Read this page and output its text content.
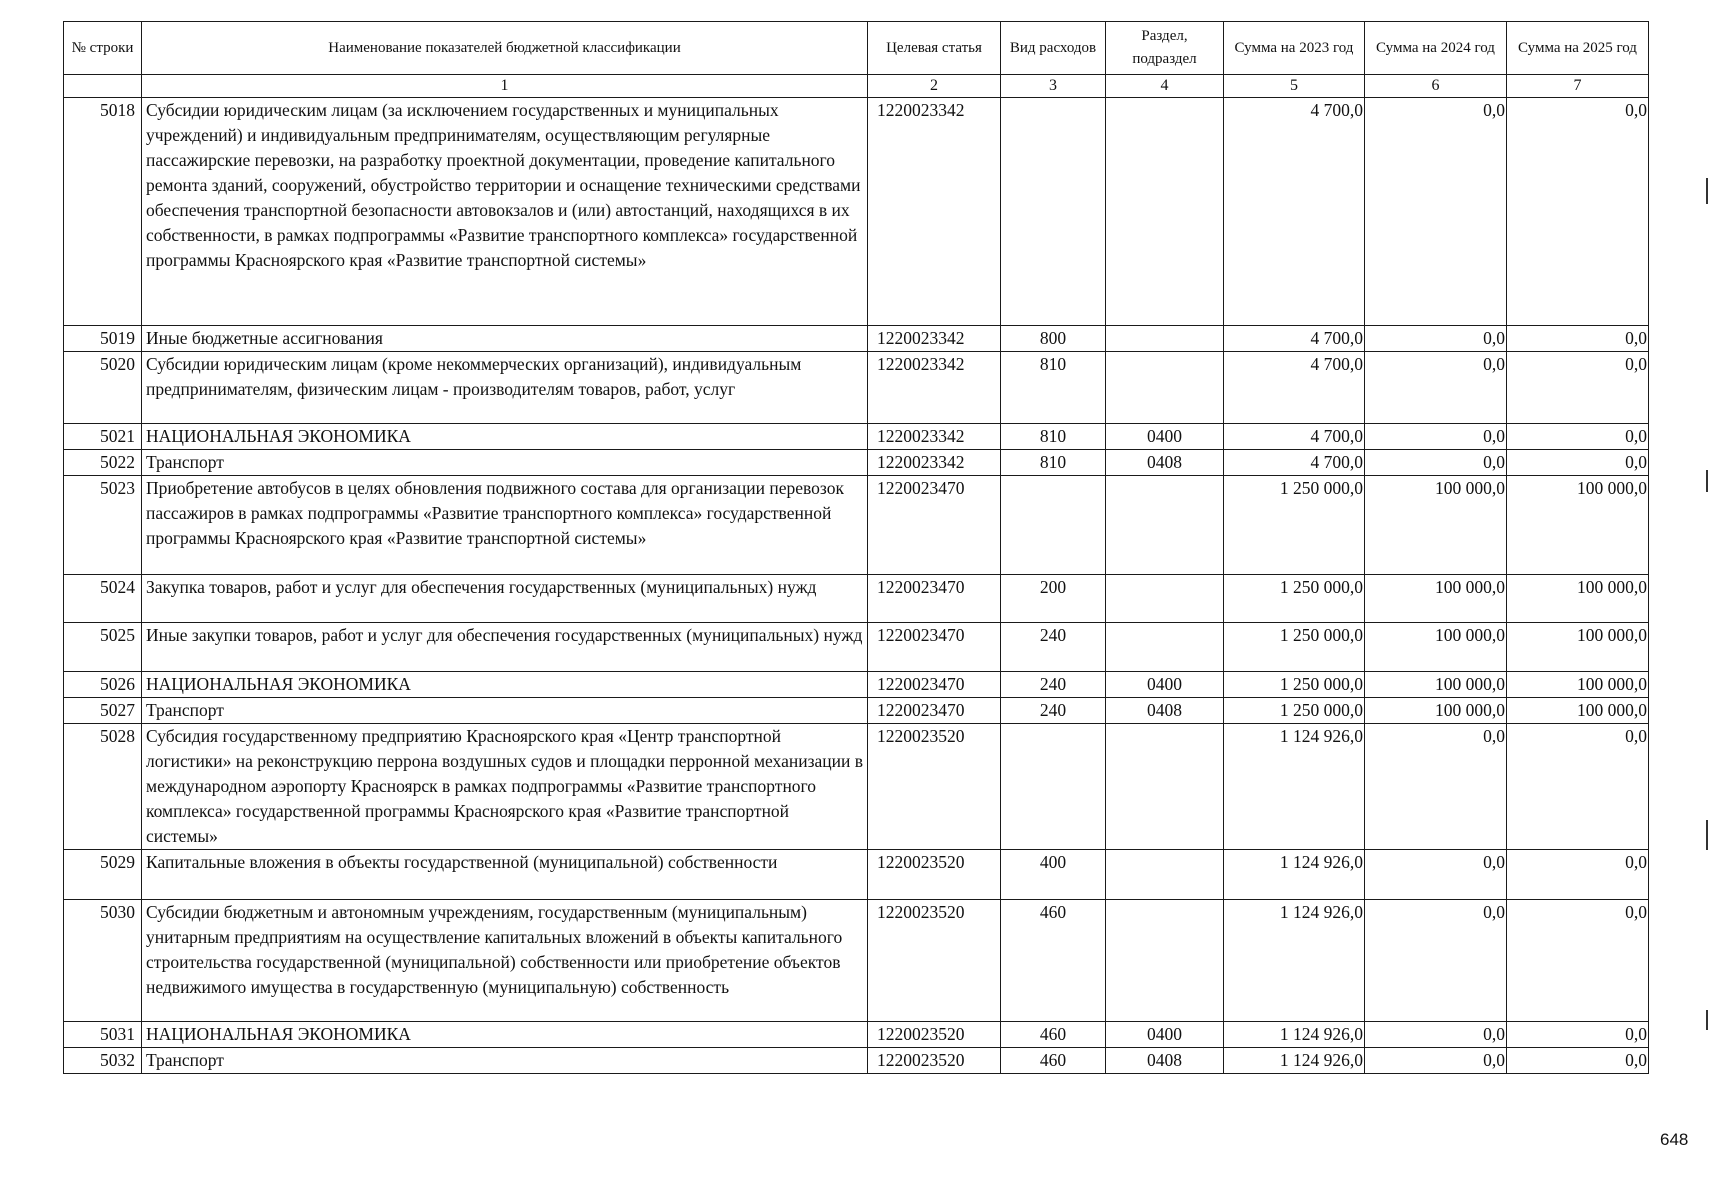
№ строки	Наименование показателей бюджетной классификации	Целевая статья	Вид расходов	Раздел, подраздел	Сумма на 2023 год	Сумма на 2024 год	Сумма на 2025 год
	1	2	3	4	5	6	7
5018	Субсидии юридическим лицам (за исключением государственных и муниципальных учреждений) и индивидуальным предпринимателям, осуществляющим регулярные пассажирские перевозки, на разработку проектной документации, проведение капитального ремонта зданий, сооружений, обустройство территории и оснащение техническими средствами обеспечения транспортной безопасности автовокзалов и (или) автостанций, находящихся в их собственности, в рамках подпрограммы «Развитие транспортного комплекса» государственной программы Красноярского края «Развитие транспортной системы»	1220023342			4 700,0	0,0	0,0
5019	Иные бюджетные ассигнования	1220023342	800		4 700,0	0,0	0,0
5020	Субсидии юридическим лицам (кроме некоммерческих организаций), индивидуальным предпринимателям, физическим лицам - производителям товаров, работ, услуг	1220023342	810		4 700,0	0,0	0,0
5021	НАЦИОНАЛЬНАЯ ЭКОНОМИКА	1220023342	810	0400	4 700,0	0,0	0,0
5022	Транспорт	1220023342	810	0408	4 700,0	0,0	0,0
5023	Приобретение автобусов в целях обновления подвижного состава для организации перевозок пассажиров в рамках подпрограммы «Развитие транспортного комплекса» государственной программы Красноярского края «Развитие транспортной системы»	1220023470			1 250 000,0	100 000,0	100 000,0
5024	Закупка товаров, работ и услуг для обеспечения государственных (муниципальных) нужд	1220023470	200		1 250 000,0	100 000,0	100 000,0
5025	Иные закупки товаров, работ и услуг для обеспечения государственных (муниципальных) нужд	1220023470	240		1 250 000,0	100 000,0	100 000,0
5026	НАЦИОНАЛЬНАЯ ЭКОНОМИКА	1220023470	240	0400	1 250 000,0	100 000,0	100 000,0
5027	Транспорт	1220023470	240	0408	1 250 000,0	100 000,0	100 000,0
5028	Субсидия государственному предприятию Красноярского края «Центр транспортной логистики» на реконструкцию перрона воздушных судов и площадки перронной механизации в международном аэропорту Красноярск в рамках подпрограммы «Развитие транспортного комплекса» государственной программы Красноярского края «Развитие транспортной системы»	1220023520			1 124 926,0	0,0	0,0
5029	Капитальные вложения в объекты государственной (муниципальной) собственности	1220023520	400		1 124 926,0	0,0	0,0
5030	Субсидии бюджетным и автономным учреждениям, государственным (муниципальным) унитарным предприятиям на осуществление капитальных вложений в объекты капитального строительства государственной (муниципальной) собственности или приобретение объектов недвижимого имущества в государственную (муниципальную) собственность	1220023520	460		1 124 926,0	0,0	0,0
5031	НАЦИОНАЛЬНАЯ ЭКОНОМИКА	1220023520	460	0400	1 124 926,0	0,0	0,0
5032	Транспорт	1220023520	460	0408	1 124 926,0	0,0	0,0
648
